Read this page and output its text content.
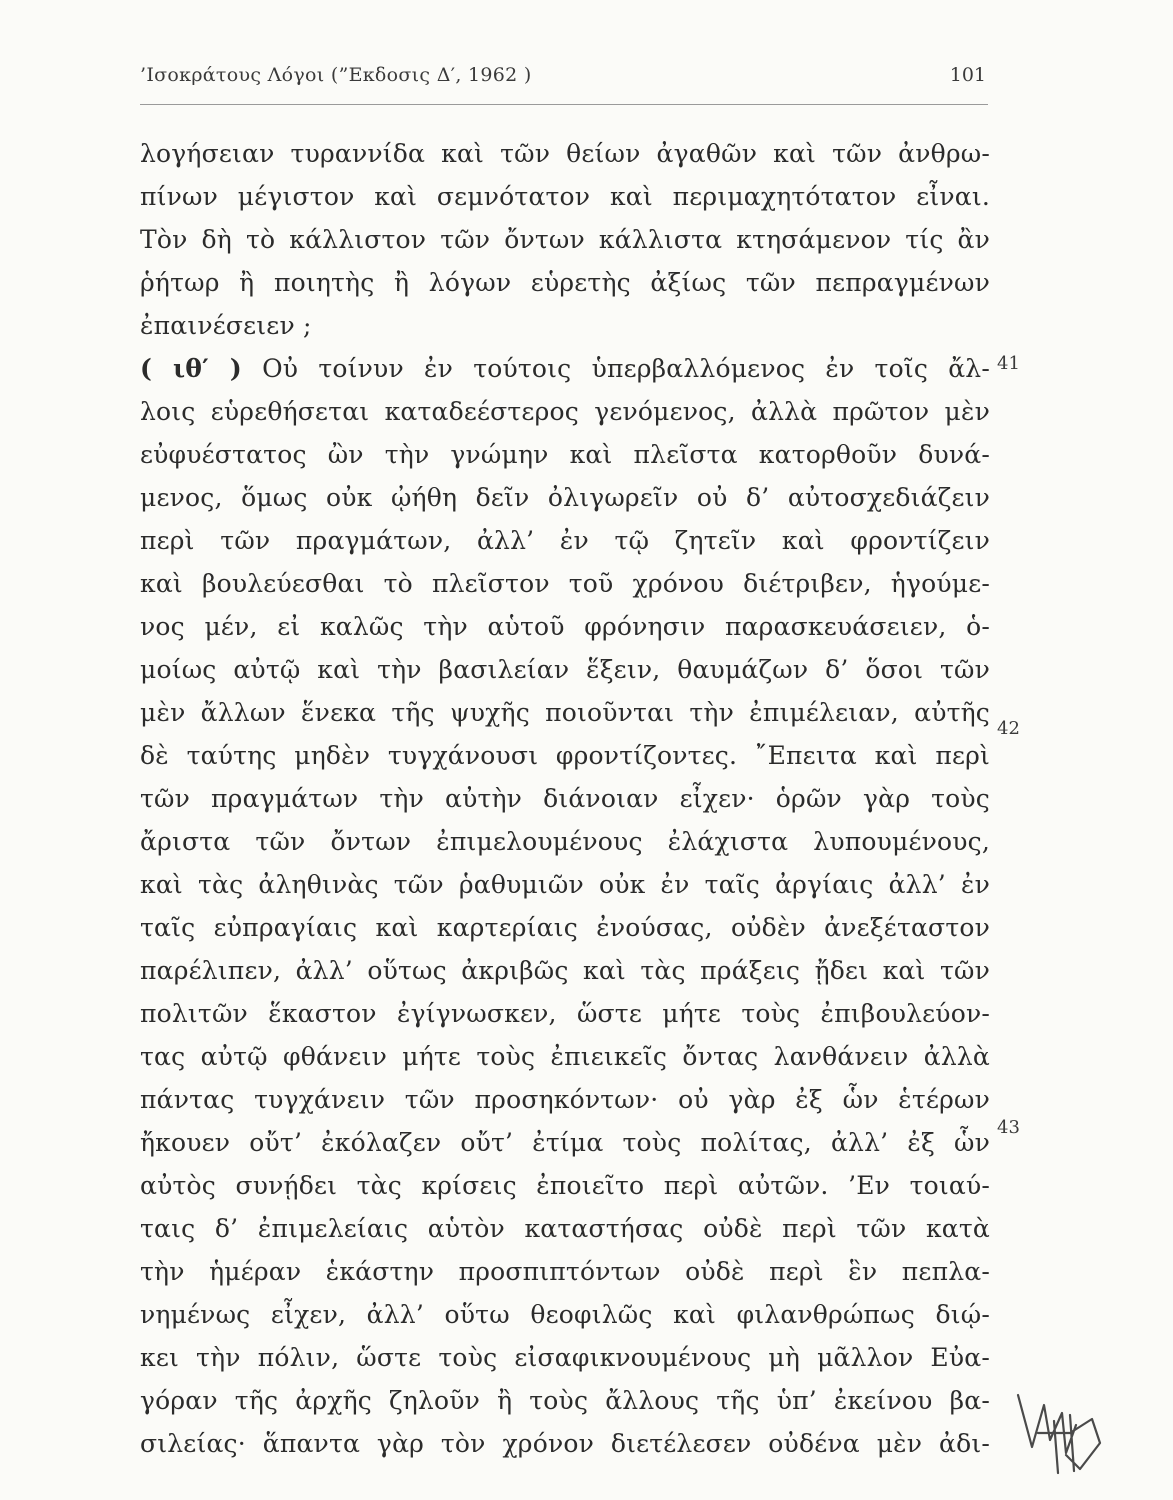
’Ισοκράτους Λόγοι (”Εκδοσις Δ′, 1962 )	101
λογήσειαν τυραννίδα καὶ τῶν θείων ἀγαθῶν καὶ τῶν ἀνθρω-
πίνων μέγιστον καὶ σεμνότατον καὶ περιμαχητότατον εἶναι.
Τὸν δὴ τὸ κάλλιστον τῶν ὄντων κάλλιστα κτησάμενον τίς ἂν
ῥήτωρ ἢ ποιητὴς ἢ λόγων εὑρετὴς ἀξίως τῶν πεπραγμένων
ἐπαινέσειεν ;
( ιθ′ ) Οὐ τοίνυν ἐν τούτοις ὑπερβαλλόμενος ἐν τοῖς ἄλ-
λοις εὑρεθήσεται καταδεέστερος γενόμενος, ἀλλὰ πρῶτον μὲν
εὐφυέστατος ὢν τὴν γνώμην καὶ πλεῖστα κατορθοῦν δυνά-
μενος, ὅμως οὐκ ᾠήθη δεῖν ὀλιγωρεῖν οὐ δ’ αὐτοσχεδιάζειν
περὶ τῶν πραγμάτων, ἀλλ’ ἐν τῷ ζητεῖν καὶ φροντίζειν
καὶ βουλεύεσθαι τὸ πλεῖστον τοῦ χρόνου διέτριβεν, ἡγούμε-
νος μέν, εἰ καλῶς τὴν αὑτοῦ φρόνησιν παρασκευάσειεν, ὁ-
μοίως αὐτῷ καὶ τὴν βασιλείαν ἕξειν, θαυμάζων δ’ ὅσοι τῶν
μὲν ἄλλων ἕνεκα τῆς ψυχῆς ποιοῦνται τὴν ἐπιμέλειαν, αὐτῆς
δὲ ταύτης μηδὲν τυγχάνουσι φροντίζοντες. ῎Επειτα καὶ περὶ
τῶν πραγμάτων τὴν αὐτὴν διάνοιαν εἶχεν· ὁρῶν γὰρ τοὺς
ἄριστα τῶν ὄντων ἐπιμελουμένους ἐλάχιστα λυπουμένους,
καὶ τὰς ἀληθινὰς τῶν ῥαθυμιῶν οὐκ ἐν ταῖς ἀργίαις ἀλλ’ ἐν
ταῖς εὐπραγίαις καὶ καρτερίαις ἐνούσας, οὐδὲν ἀνεξέταστον
παρέλιπεν, ἀλλ’ οὕτως ἀκριβῶς καὶ τὰς πράξεις ᾔδει καὶ τῶν
πολιτῶν ἕκαστον ἐγίγνωσκεν, ὥστε μήτε τοὺς ἐπιβουλεύον-
τας αὐτῷ φθάνειν μήτε τοὺς ἐπιεικεῖς ὄντας λανθάνειν ἀλλὰ
πάντας τυγχάνειν τῶν προσηκόντων· οὐ γὰρ ἐξ ὧν ἑτέρων
ἤκουεν οὔτ’ ἐκόλαζεν οὔτ’ ἐτίμα τοὺς πολίτας, ἀλλ’ ἐξ ὧν
αὐτὸς συνῄδει τὰς κρίσεις ἐποιεῖτο περὶ αὐτῶν. ’Εν τοιαύ-
ταις δ’ ἐπιμελείαις αὑτὸν καταστήσας οὐδὲ περὶ τῶν κατὰ
τὴν ἡμέραν ἑκάστην προσπιπτόντων οὐδὲ περὶ ἓν πεπλα-
νημένως εἶχεν, ἀλλ’ οὕτω θεοφιλῶς καὶ φιλανθρώπως διῴ-
κει τὴν πόλιν, ὥστε τοὺς εἰσαφικνουμένους μὴ μᾶλλον Εὐα-
γόραν τῆς ἀρχῆς ζηλοῦν ἢ τοὺς ἄλλους τῆς ὑπ’ ἐκείνου βα-
σιλείας· ἅπαντα γὰρ τὸν χρόνον διετέλεσεν οὐδένα μὲν ἀδι-
41
42
43
